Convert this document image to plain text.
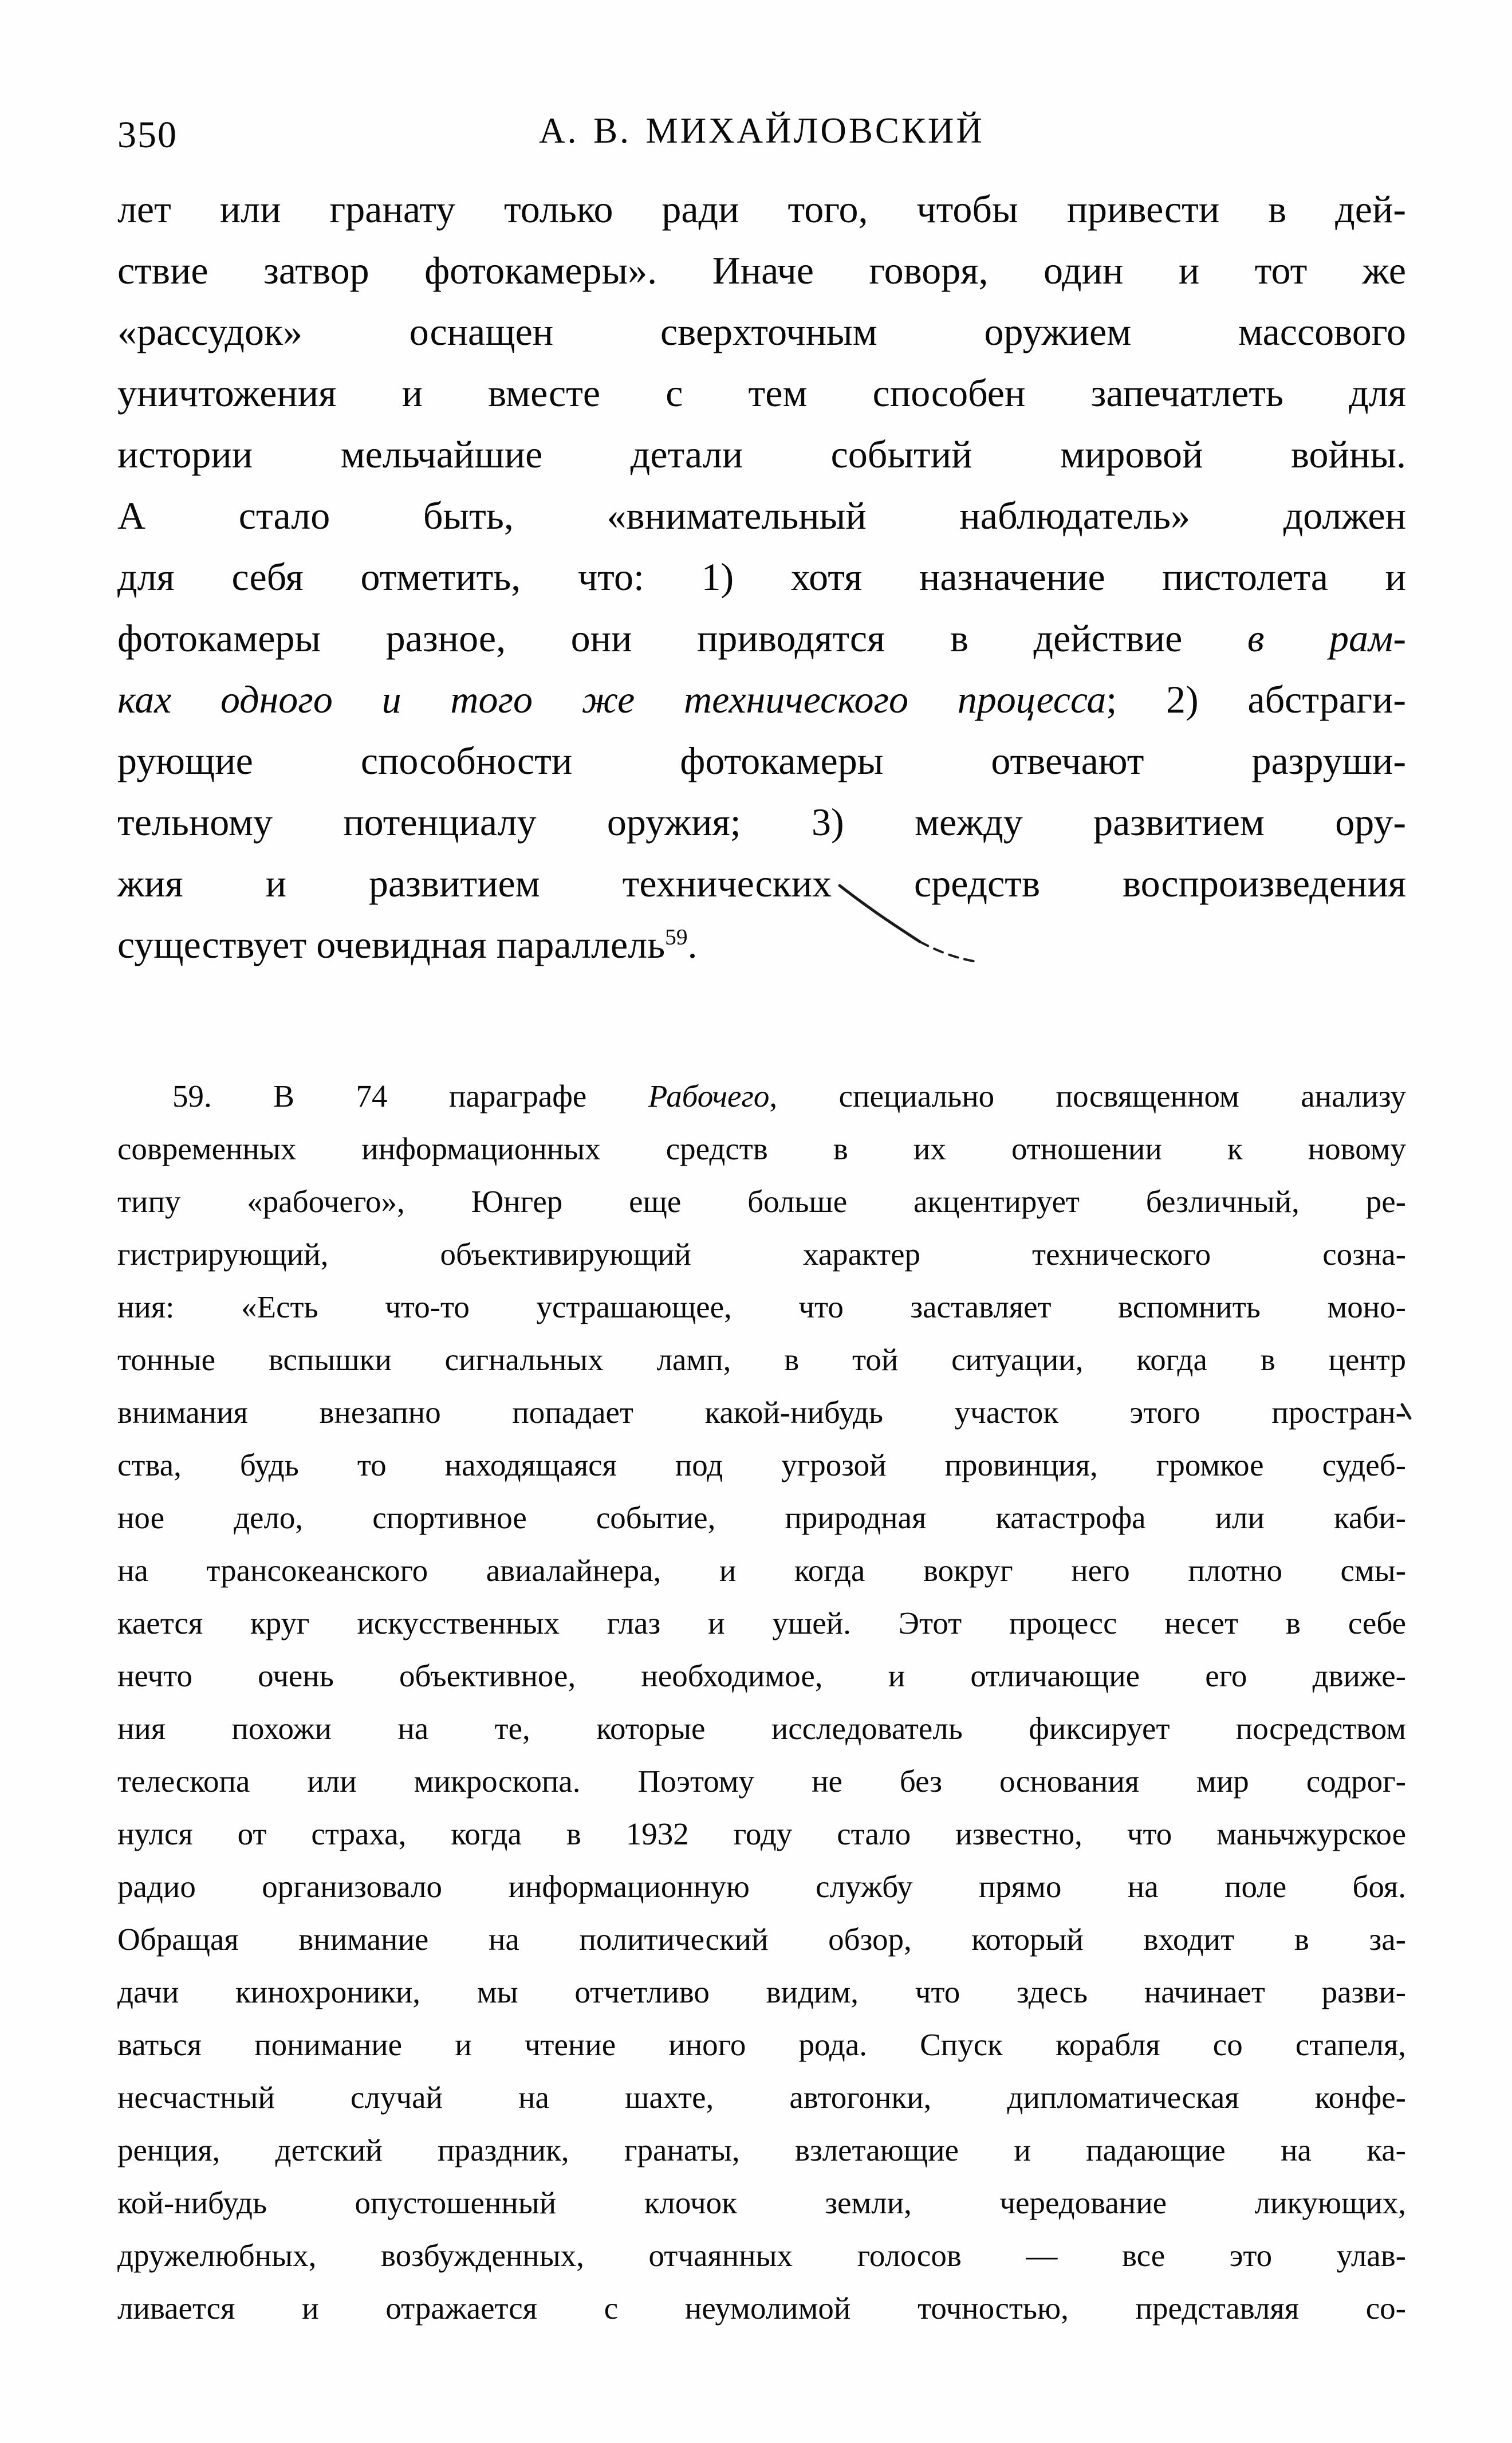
350	А. В. МИХАЙЛОВСКИЙ
лет или гранату только ради того, чтобы привести в дей-
ствие затвор фотокамеры». Иначе говоря, один и тот же
«рассудок» оснащен сверхточным оружием массового
уничтожения и вместе с тем способен запечатлеть для
истории мельчайшие детали событий мировой войны.
А стало быть, «внимательный наблюдатель» должен
для себя отметить, что: 1) хотя назначение пистолета и
фотокамеры разное, они приводятся в действие в рам-
ках одного и того же технического процесса; 2) абстраги-
рующие способности фотокамеры отвечают разруши-
тельному потенциалу оружия; 3) между развитием ору-
жия и развитием технических средств воспроизведения
существует очевидная параллель$^{59}$.
59. В 74 параграфе Рабочего, специально посвященном анализу
современных информационных средств в их отношении к новому
типу «рабочего», Юнгер еще больше акцентирует безличный, ре-
гистрирующий, объективирующий характер технического созна-
ния: «Есть что-то устрашающее, что заставляет вспомнить моно-
тонные вспышки сигнальных ламп, в той ситуации, когда в центр
внимания внезапно попадает какой-нибудь участок этого простран-
ства, будь то находящаяся под угрозой провинция, громкое судеб-
ное дело, спортивное событие, природная катастрофа или каби-
на трансокеанского авиалайнера, и когда вокруг него плотно смы-
кается круг искусственных глаз и ушей. Этот процесс несет в себе
нечто очень объективное, необходимое, и отличающие его движе-
ния похожи на те, которые исследователь фиксирует посредством
телескопа или микроскопа. Поэтому не без основания мир содрог-
нулся от страха, когда в 1932 году стало известно, что маньчжурское
радио организовало информационную службу прямо на поле боя.
Обращая внимание на политический обзор, который входит в за-
дачи кинохроники, мы отчетливо видим, что здесь начинает разви-
ваться понимание и чтение иного рода. Спуск корабля со стапеля,
несчастный случай на шахте, автогонки, дипломатическая конфе-
ренция, детский праздник, гранаты, взлетающие и падающие на ка-
кой-нибудь опустошенный клочок земли, чередование ликующих,
дружелюбных, возбужденных, отчаянных голосов — все это улав-
ливается и отражается с неумолимой точностью, представляя со-
